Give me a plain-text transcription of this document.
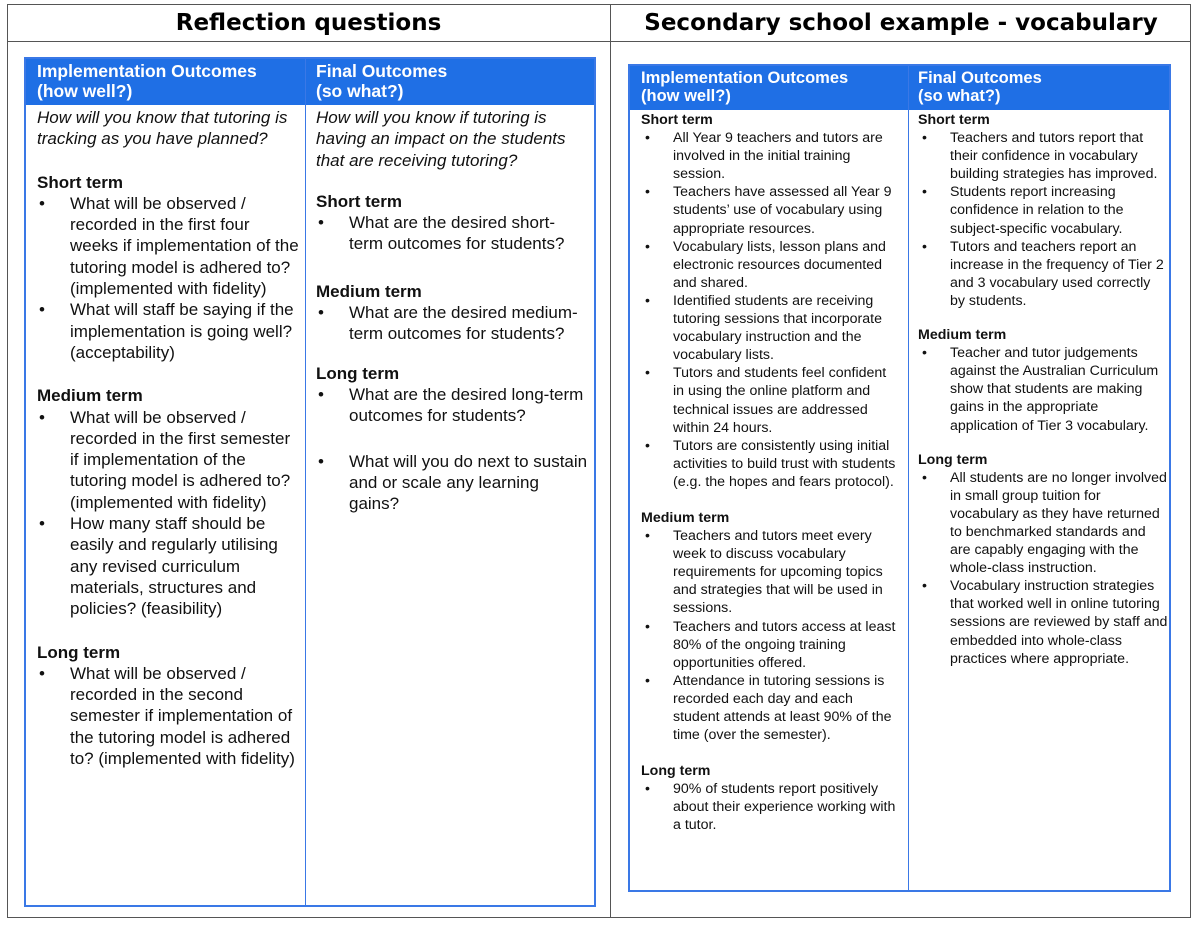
Reflection questions	Secondary school example - vocabulary
Implementation Outcomes
(how well?)
Final Outcomes
(so what?)

How will you know that tutoring is tracking as you have planned?

Short term

• What will be observed / recorded in the first four weeks if implementation of the tutoring model is adhered to? (implemented with fidelity)
• What will staff be saying if the implementation is going well? (acceptability)

Medium term

• What will be observed / recorded in the first semester if implementation of the tutoring model is adhered to? (implemented with fidelity)
• How many staff should be easily and regularly utilising any revised curriculum materials, structures and policies? (feasibility)

Long term

• What will be observed / recorded in the second semester if implementation of the tutoring model is adhered to? (implemented with fidelity)

How will you know if tutoring is having an impact on the students that are receiving tutoring?

Short term

• What are the desired short-term outcomes for students?

Medium term

• What are the desired medium-term outcomes for students?

Long term

• What are the desired long-term outcomes for students?
• What will you do next to sustain and or scale any learning gains?
Implementation Outcomes
(how well?)
Final Outcomes
(so what?)

Short term

• All Year 9 teachers and tutors are involved in the initial training session.
• Teachers have assessed all Year 9 students’ use of vocabulary using appropriate resources.
• Vocabulary lists, lesson plans and electronic resources documented and shared.
• Identified students are receiving tutoring sessions that incorporate vocabulary instruction and the vocabulary lists.
• Tutors and students feel confident in using the online platform and technical issues are addressed within 24 hours.
• Tutors are consistently using initial activities to build trust with students (e.g. the hopes and fears protocol).

Medium term

• Teachers and tutors meet every week to discuss vocabulary requirements for upcoming topics and strategies that will be used in sessions.
• Teachers and tutors access at least 80% of the ongoing training opportunities offered.
• Attendance in tutoring sessions is recorded each day and each student attends at least 90% of the time (over the semester).

Long term

• 90% of students report positively about their experience working with a tutor.

Short term

• Teachers and tutors report that their confidence in vocabulary building strategies has improved.
• Students report increasing confidence in relation to the subject-specific vocabulary.
• Tutors and teachers report an increase in the frequency of Tier 2 and 3 vocabulary used correctly by students.

Medium term

• Teacher and tutor judgements against the Australian Curriculum show that students are making gains in the appropriate application of Tier 3 vocabulary.

Long term

• All students are no longer involved in small group tuition for vocabulary as they have returned to benchmarked standards and are capably engaging with the whole-class instruction.
• Vocabulary instruction strategies that worked well in online tutoring sessions are reviewed by staff and embedded into whole-class practices where appropriate.
